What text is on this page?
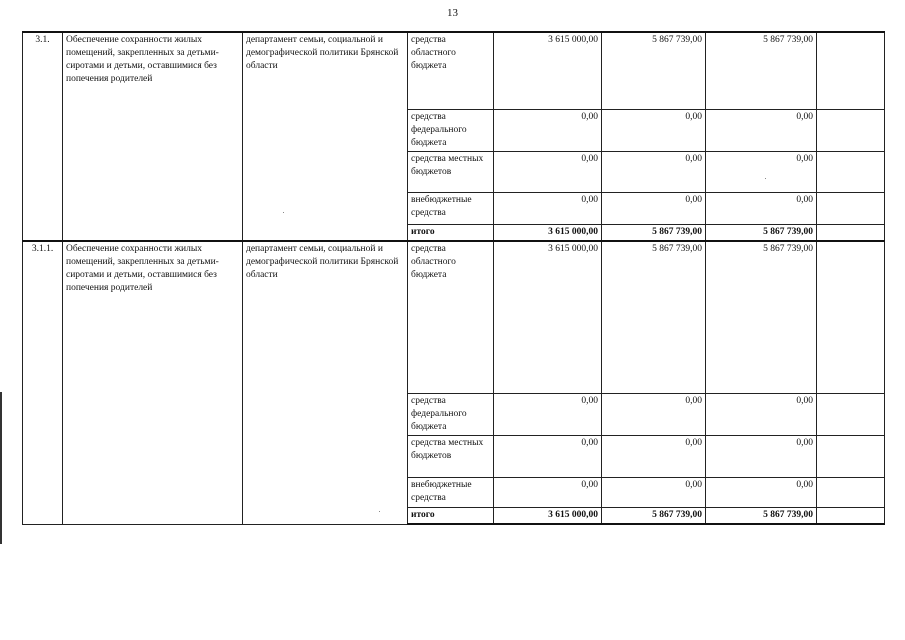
13
3.1.	Обеспечение сохранности жилых помещений, закрепленных за детьми-сиротами и детьми, оставшимися без попечения родителей	департамент семьи, социальной и демографической политики Брянской области	средства областного бюджета	3 615 000,00	5 867 739,00	5 867 739,00	
			средства федерального бюджета	0,00	0,00	0,00	
			средства местных бюджетов	0,00	0,00	0,00	
			внебюджетные средства	0,00	0,00	0,00	
			итого	3 615 000,00	5 867 739,00	5 867 739,00	
3.1.1.	Обеспечение сохранности жилых помещений, закрепленных за детьми-сиротами и детьми, оставшимися без попечения родителей	департамент семьи, социальной и демографической политики Брянской области	средства областного бюджета	3 615 000,00	5 867 739,00	5 867 739,00	
			средства федерального бюджета	0,00	0,00	0,00	
			средства местных бюджетов	0,00	0,00	0,00	
			внебюджетные средства	0,00	0,00	0,00	
			итого	3 615 000,00	5 867 739,00	5 867 739,00	
